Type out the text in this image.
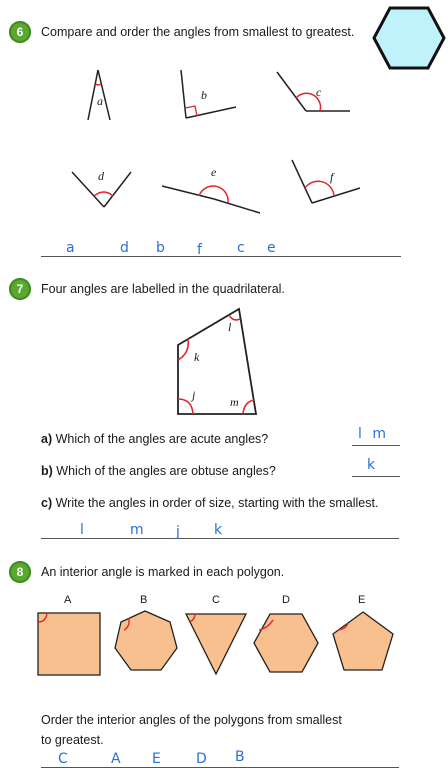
6	Compare and order the angles from smallest to greatest.
a	b	c
d	e	f
a	d b f	c e
7	Four angles are labelled in the quadrilateral.
l
k
j	m
a) Which of the angles are acute angles?	l m
b) Which of the angles are obtuse angles?	k
c) Write the angles in order of size, starting with the smallest.
l	m j k
8	An interior angle is marked in each polygon.
A	B	C	D	E
Order the interior angles of the polygons from smallest
to greatest.
C	A E	D B
